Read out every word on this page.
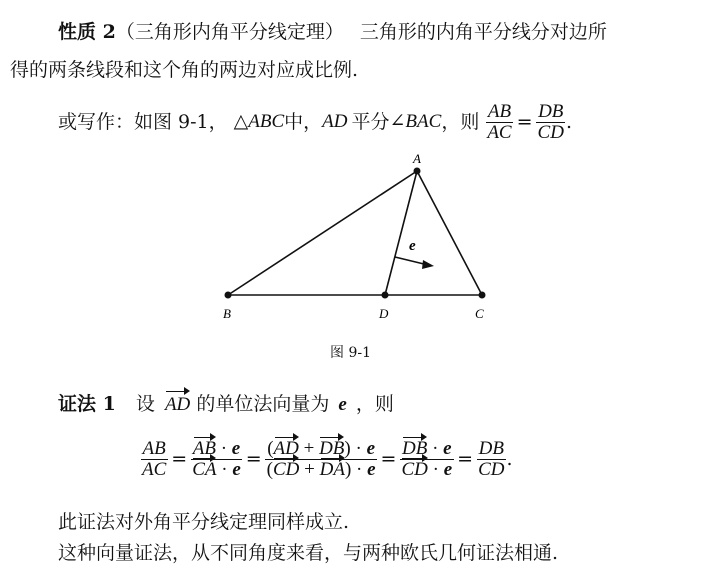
性质 2（三角形内角平分线定理） 三角形的内角平分线分对边所
得的两条线段和这个角的两边对应成比例.
或写作：如图 9-1， △ABC 中， AD 平分 ∠BAC ，则 $\frac{AB}{AC} = \frac{DB}{CD}$ .
A
B	C
D
e
图 9-1
证法 1 设 AD 的单位法向量为 e ，则
$\frac{AB}{AC} = \frac{AB \cdot e}{CA \cdot e} = \frac{(AD + DB) \cdot e}{(CD + DA) \cdot e} = \frac{DB \cdot e}{CD \cdot e} = \frac{DB}{CD}$ .
此证法对外角平分线定理同样成立.
这种向量证法，从不同角度来看，与两种欧氏几何证法相通.
